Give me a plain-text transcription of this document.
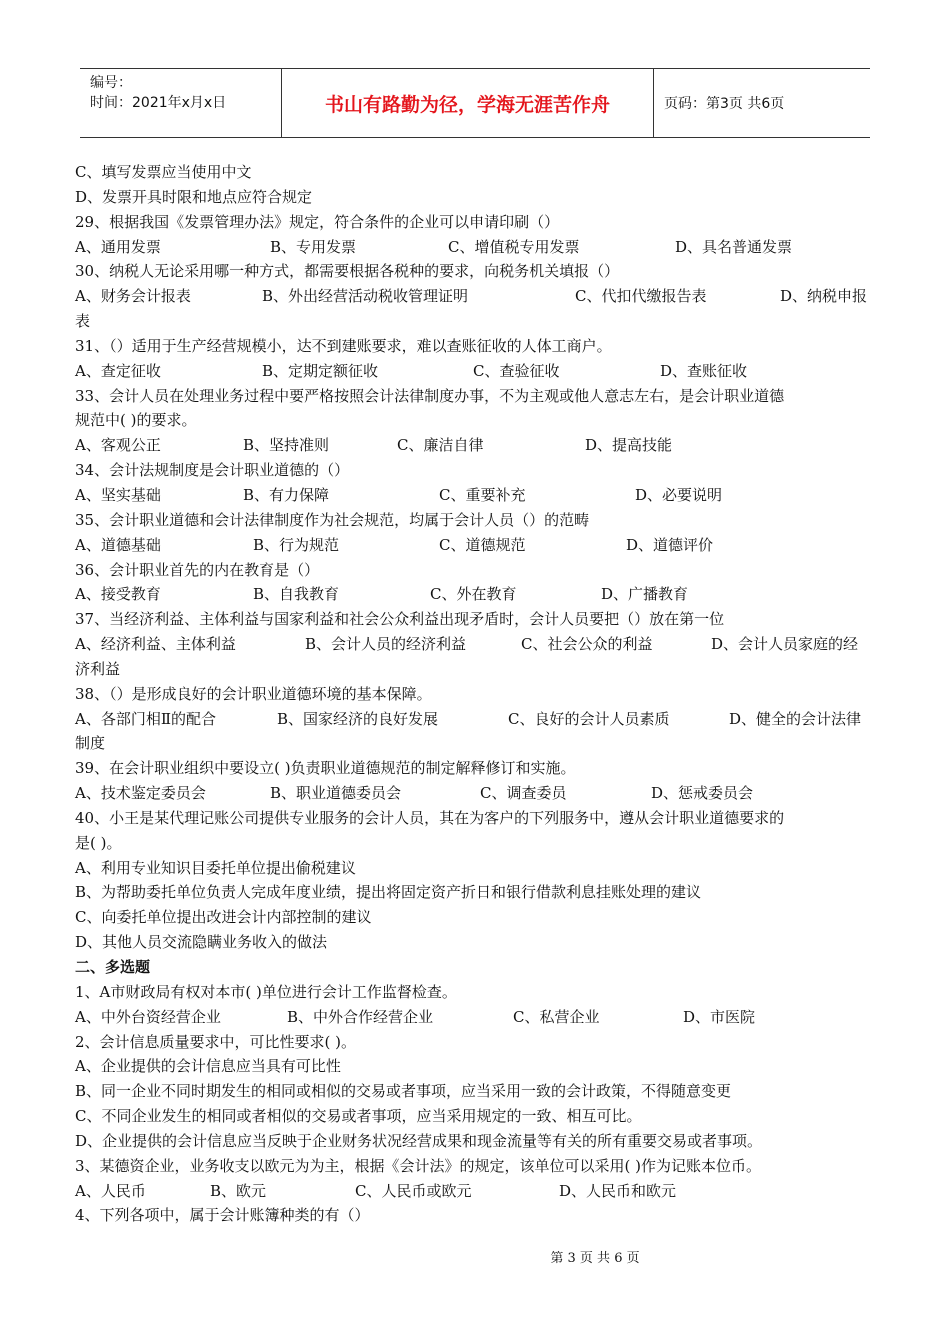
编号：
时间：2021年x月x日	书山有路勤为径，学海无涯苦作舟	页码：第3页 共6页
C、填写发票应当使用中文
D、发票开具时限和地点应符合规定
29、根据我国《发票管理办法》规定，符合条件的企业可以申请印刷（）
A、通用发票	B、专用发票	C、增值税专用发票	D、具名普通发票
30、纳税人无论采用哪一种方式，都需要根据各税种的要求，向税务机关填报（）
A、财务会计报表	B、外出经营活动税收管理证明	C、代扣代缴报告表	D、纳税申报
表
31、（）适用于生产经营规模小，达不到建账要求，难以查账征收的人体工商户。
A、查定征收	B、定期定额征收	C、查验征收	D、查账征收
33、会计人员在处理业务过程中要严格按照会计法律制度办事，不为主观或他人意志左右，是会计职业道德
规范中( )的要求。
A、客观公正	B、坚持准则	C、廉洁自律	D、提高技能
34、会计法规制度是会计职业道德的（）
A、坚实基础	B、有力保障	C、重要补充	D、必要说明
35、会计职业道德和会计法律制度作为社会规范，均属于会计人员（）的范畴
A、道德基础	B、行为规范	C、道德规范	D、道德评价
36、会计职业首先的内在教育是（）
A、接受教育	B、自我教育	C、外在教育	D、广播教育
37、当经济利益、主体利益与国家利益和社会公众利益出现矛盾时，会计人员要把（）放在第一位
A、经济利益、主体利益	B、会计人员的经济利益	C、社会公众的利益	D、会计人员家庭的经
济利益
38、（）是形成良好的会计职业道德环境的基本保障。
A、各部门相Ⅱ的配合	B、国家经济的良好发展	C、良好的会计人员素质	D、健全的会计法律
制度
39、在会计职业组织中要设立( )负责职业道德规范的制定解释修订和实施。
A、技术鉴定委员会	B、职业道德委员会	C、调查委员	D、惩戒委员会
40、小王是某代理记账公司提供专业服务的会计人员，其在为客户的下列服务中，遵从会计职业道德要求的
是( )。
A、利用专业知识目委托单位提出偷税建议
B、为帮助委托单位负责人完成年度业绩，提出将固定资产折日和银行借款利息挂账处理的建议
C、向委托单位提出改进会计内部控制的建议
D、其他人员交流隐瞒业务收入的做法
二、多选题
1、A市财政局有权对本市( )单位进行会计工作监督检查。
A、中外台资经营企业	B、中外合作经营企业	C、私营企业	D、市医院
2、会计信息质量要求中，可比性要求( )。
A、企业提供的会计信息应当具有可比性
B、同一企业不同时期发生的相同或相似的交易或者事项，应当采用一致的会计政策，不得随意变更
C、不同企业发生的相同或者相似的交易或者事项，应当采用规定的一致、相互可比。
D、企业提供的会计信息应当反映于企业财务状况经营成果和现金流量等有关的所有重要交易或者事项。
3、某德资企业，业务收支以欧元为为主，根据《会计法》的规定，该单位可以采用( )作为记账本位币。
A、人民币	B、欧元	C、人民币或欧元	D、人民币和欧元
4、下列各项中，属于会计账簿种类的有（）
第 3 页 共 6 页
